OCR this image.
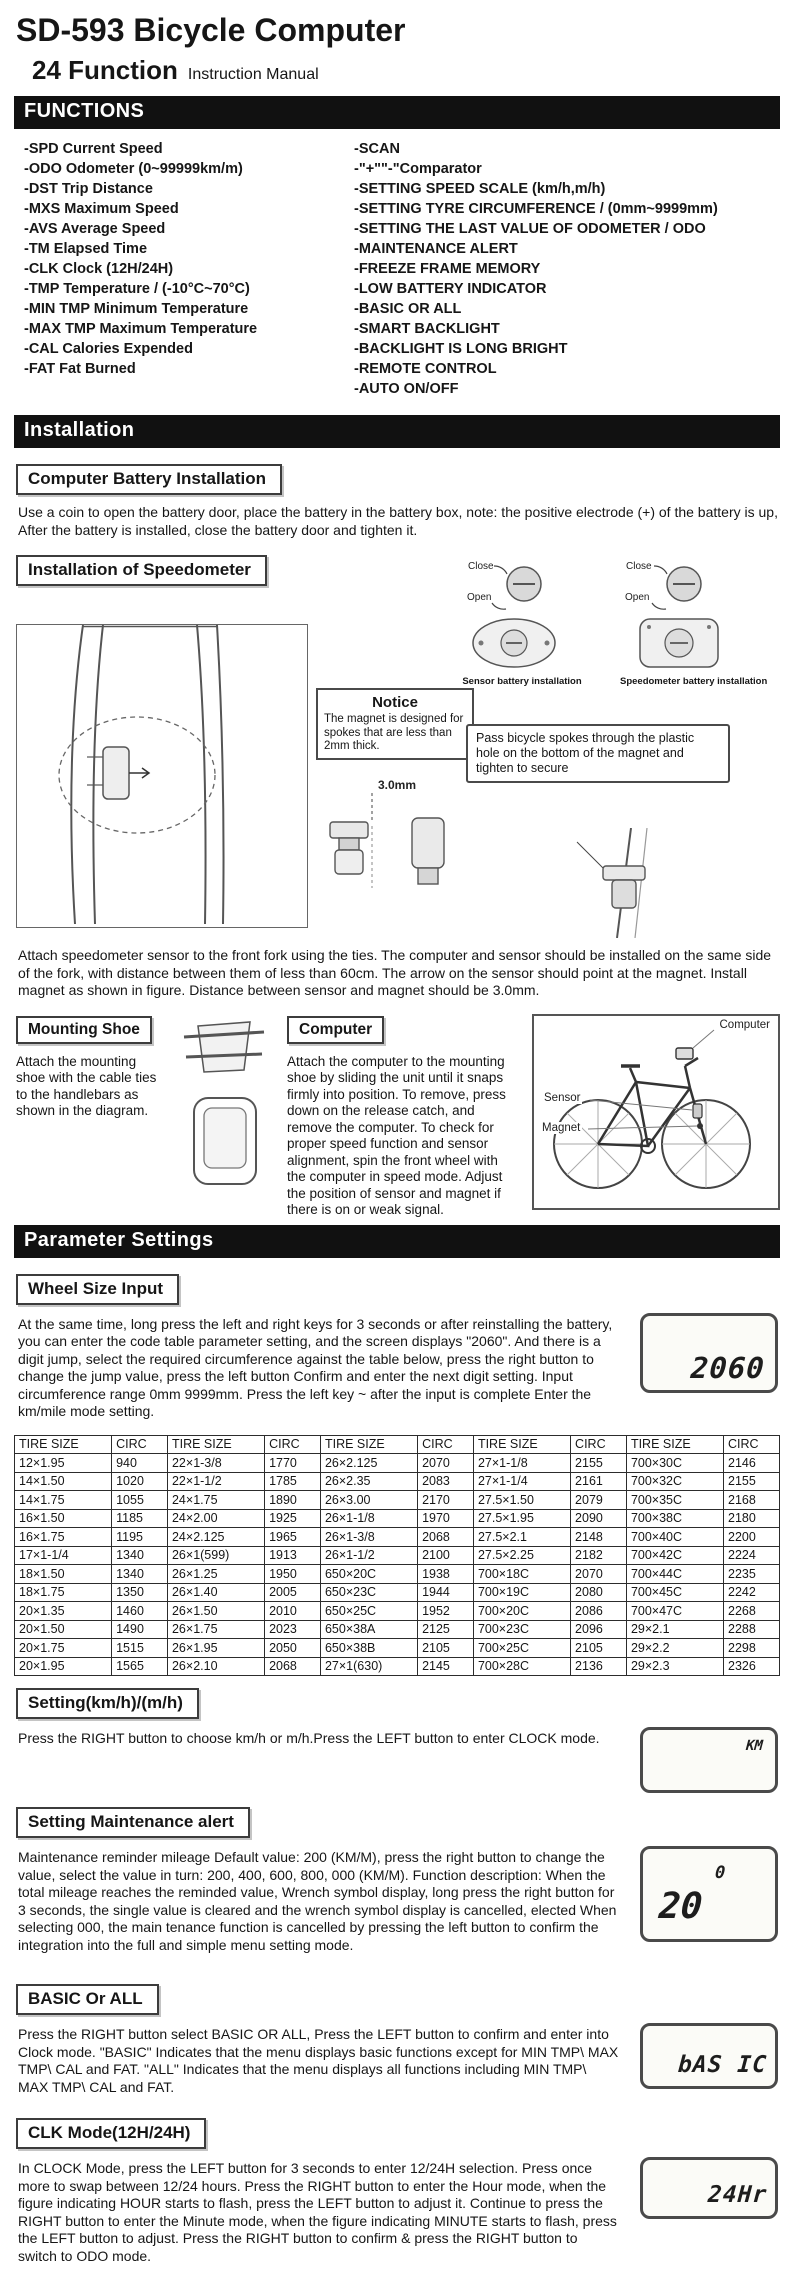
SD-593 Bicycle Computer
24 Function Instruction Manual
FUNCTIONS
-SPD Current Speed
-ODO Odometer (0~99999km/m)
-DST Trip Distance
-MXS Maximum Speed
-AVS Average Speed
-TM Elapsed Time
-CLK Clock (12H/24H)
-TMP Temperature / (-10°C~70°C)
-MIN TMP Minimum Temperature
-MAX TMP Maximum Temperature
-CAL Calories Expended
-FAT Fat Burned
-SCAN
-"+""-"Comparator
-SETTING SPEED SCALE (km/h,m/h)
-SETTING TYRE CIRCUMFERENCE / (0mm~9999mm)
-SETTING THE LAST VALUE OF ODOMETER / ODO
-MAINTENANCE ALERT
-FREEZE FRAME MEMORY
-LOW BATTERY INDICATOR
-BASIC OR ALL
-SMART BACKLIGHT
-BACKLIGHT IS LONG BRIGHT
-REMOTE CONTROL
-AUTO ON/OFF
Installation
Computer Battery Installation

Use a coin to open the battery door, place the battery in the battery box, note: the positive electrode (+) of the battery is up, After the battery is installed, close the battery door and tighten it.

Installation of Speedometer
Notice
The magnet is designed for spokes that are less than 2mm thick.
3.0mm
Close
Open
Sensor battery installation
Close
Open
Speedometer battery installation
Pass bicycle spokes through the plastic hole on the bottom of the magnet and tighten to secure

Attach speedometer sensor to the front fork using the ties. The computer and sensor should be installed on the same side of the fork, with distance between them of less than 60cm. The arrow on the sensor should point at the magnet. Install magnet as shown in figure. Distance between sensor and magnet should be 3.0mm.

Mounting Shoe

Attach the mounting shoe with the cable ties to the handlebars as shown in the diagram.

Computer

Attach the computer to the mounting shoe by sliding the unit until it snaps firmly into position. To remove, press down on the release catch, and remove the computer. To check for proper speed function and sensor alignment, spin the front wheel with the computer in speed mode. Adjust the position of sensor and magnet if there is on or weak signal.

Computer
Sensor
Magnet
Parameter Settings
Wheel Size Input

At the same time, long press the left and right keys for 3 seconds or after reinstalling the battery, you can enter the code table parameter setting, and the screen displays "2060". And there is a digit jump, select the required circumference against the table below, press the right button to change the jump value, press the left button Confirm and enter the next digit setting. Input circumference range 0mm 9999mm. Press the left key ~ after the input is complete Enter the km/mile mode setting.

2060
TIRE SIZE	CIRC	TIRE SIZE	CIRC	TIRE SIZE	CIRC	TIRE SIZE	CIRC	TIRE SIZE	CIRC
12×1.95	940	22×1-3/8	1770	26×2.125	2070	27×1-1/8	2155	700×30C	2146
14×1.50	1020	22×1-1/2	1785	26×2.35	2083	27×1-1/4	2161	700×32C	2155
14×1.75	1055	24×1.75	1890	26×3.00	2170	27.5×1.50	2079	700×35C	2168
16×1.50	1185	24×2.00	1925	26×1-1/8	1970	27.5×1.95	2090	700×38C	2180
16×1.75	1195	24×2.125	1965	26×1-3/8	2068	27.5×2.1	2148	700×40C	2200
17×1-1/4	1340	26×1(599)	1913	26×1-1/2	2100	27.5×2.25	2182	700×42C	2224
18×1.50	1340	26×1.25	1950	650×20C	1938	700×18C	2070	700×44C	2235
18×1.75	1350	26×1.40	2005	650×23C	1944	700×19C	2080	700×45C	2242
20×1.35	1460	26×1.50	2010	650×25C	1952	700×20C	2086	700×47C	2268
20×1.50	1490	26×1.75	2023	650×38A	2125	700×23C	2096	29×2.1	2288
20×1.75	1515	26×1.95	2050	650×38B	2105	700×25C	2105	29×2.2	2298
20×1.95	1565	26×2.10	2068	27×1(630)	2145	700×28C	2136	29×2.3	2326
Setting(km/h)/(m/h)

Press the RIGHT button to choose km/h or m/h.Press the LEFT button to enter CLOCK mode.	KM
Setting Maintenance alert

Maintenance reminder mileage Default value: 200 (KM/M), press the right button to change the value, select the value in turn: 200, 400, 600, 800, 000 (KM/M). Function description: When the total mileage reaches the reminded value, Wrench symbol display, long press the right button for 3 seconds, the single value is cleared and the wrench symbol display is cancelled, elected When selecting 000, the main tenance function is cancelled by pressing the left button to confirm the integration into the full and simple menu setting mode.

20
0
BASIC Or ALL

Press the RIGHT button select BASIC OR ALL, Press the LEFT button to confirm and enter into Clock mode. "BASIC" Indicates that the menu displays basic functions except for MIN TMP\ MAX TMP\ CAL and FAT. "ALL" Indicates that the menu displays all functions including MIN TMP\ MAX TMP\ CAL and FAT.

bAS IC
CLK Mode(12H/24H)

In CLOCK Mode, press the LEFT button for 3 seconds to enter 12/24H selection. Press once more to swap between 12/24 hours. Press the RIGHT button to enter the Hour mode, when the figure indicating HOUR starts to flash, press the LEFT button to adjust it. Continue to press the RIGHT button to enter the Minute mode, when the figure indicating MINUTE starts to flash, press the LEFT button to adjust. Press the RIGHT button to confirm & press the RIGHT button to switch to ODO mode.

24Hr
